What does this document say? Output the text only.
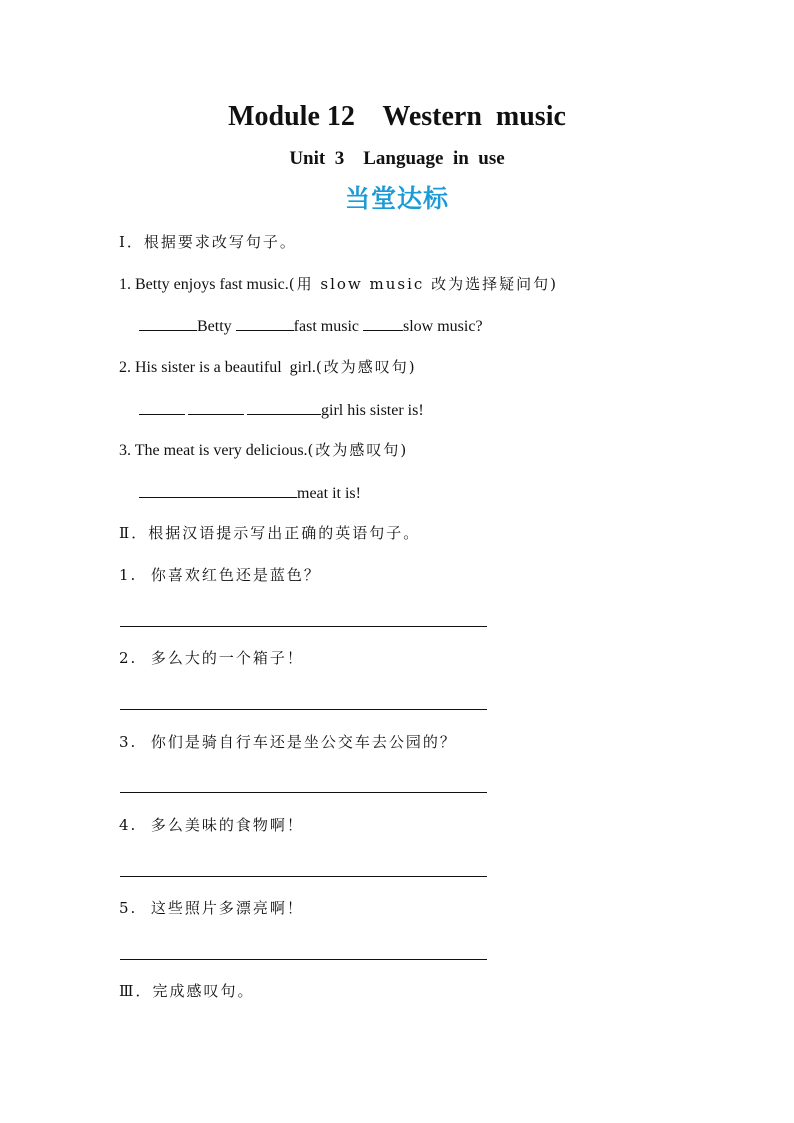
Module 12    Western  music
Unit  3    Language  in  use
当堂达标
Ⅰ．根据要求改写句子。
1. Betty enjoys fast music.(用 slow music 改为选择疑问句)
Betty	fast music	slow music?
2. His sister is a beautiful  girl.(改为感叹句)
girl his sister is!
3. The meat is very delicious.(改为感叹句)
meat it is!
Ⅱ．根据汉语提示写出正确的英语句子。
1.  你喜欢红色还是蓝色？
2.  多么大的一个箱子！
3.  你们是骑自行车还是坐公交车去公园的？
4.  多么美味的食物啊！
5.  这些照片多漂亮啊！
Ⅲ．完成感叹句。
